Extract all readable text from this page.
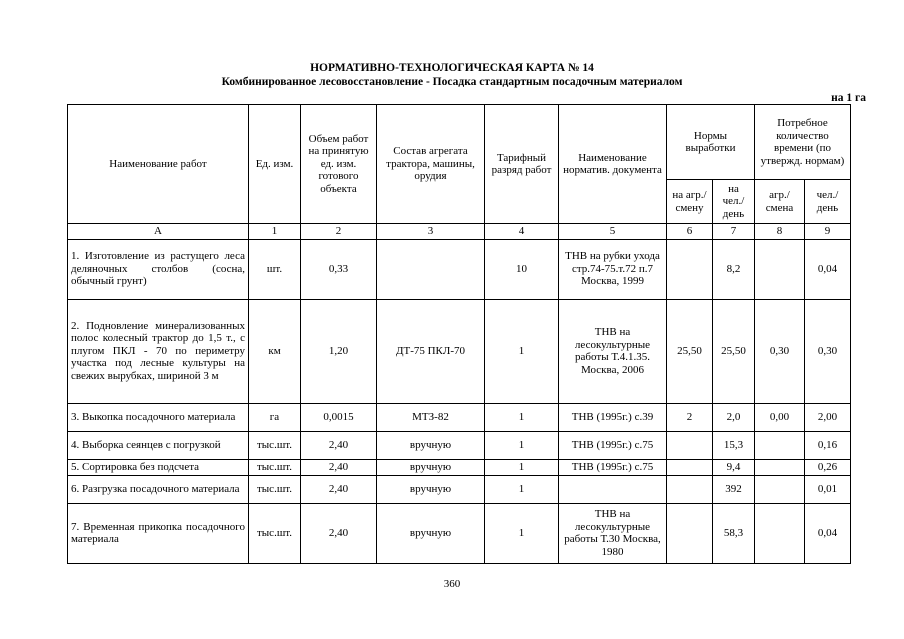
НОРМАТИВНО-ТЕХНОЛОГИЧЕСКАЯ КАРТА № 14
Комбинированное лесовосстановление - Посадка стандартным посадочным материалом
на 1 га
Наименование работ	Ед. изм.	Объем работ на принятую ед. изм. готового объекта	Состав агрегата трактора, машины, орудия	Тарифный разряд работ	Наименование норматив. документа	Нормы выработки		Потребное количество времени (по утвержд. нормам)	
						на агр./ смену	на чел./ день	агр./ смена	чел./ день
А	1	2	3	4	5	6	7	8	9
1. Изготовление из растущего леса деляночных столбов (сосна, обычный грунт)	шт.	0,33		10	ТНВ на рубки ухода стр.74-75.т.72 п.7 Москва, 1999		8,2		0,04
2. Подновление минерализованных полос колесный трактор до 1,5 т., с плугом ПКЛ - 70 по периметру участка под лесные культуры на свежих вырубках, шириной 3 м	км	1,20	ДТ-75 ПКЛ-70	1	ТНВ на лесокультурные работы Т.4.1.35. Москва, 2006	25,50	25,50	0,30	0,30
3. Выкопка посадочного материала	га	0,0015	МТЗ-82	1	ТНВ (1995г.) с.39	2	2,0	0,00	2,00
4. Выборка сеянцев с погрузкой	тыс.шт.	2,40	вручную	1	ТНВ (1995г.) с.75		15,3		0,16
5. Сортировка без подсчета	тыс.шт.	2,40	вручную	1	ТНВ (1995г.) с.75		9,4		0,26
6. Разгрузка посадочного материала	тыс.шт.	2,40	вручную	1			392		0,01
7. Временная прикопка посадочного материала	тыс.шт.	2,40	вручную	1	ТНВ на лесокультурные работы Т.30 Москва, 1980		58,3		0,04
360
